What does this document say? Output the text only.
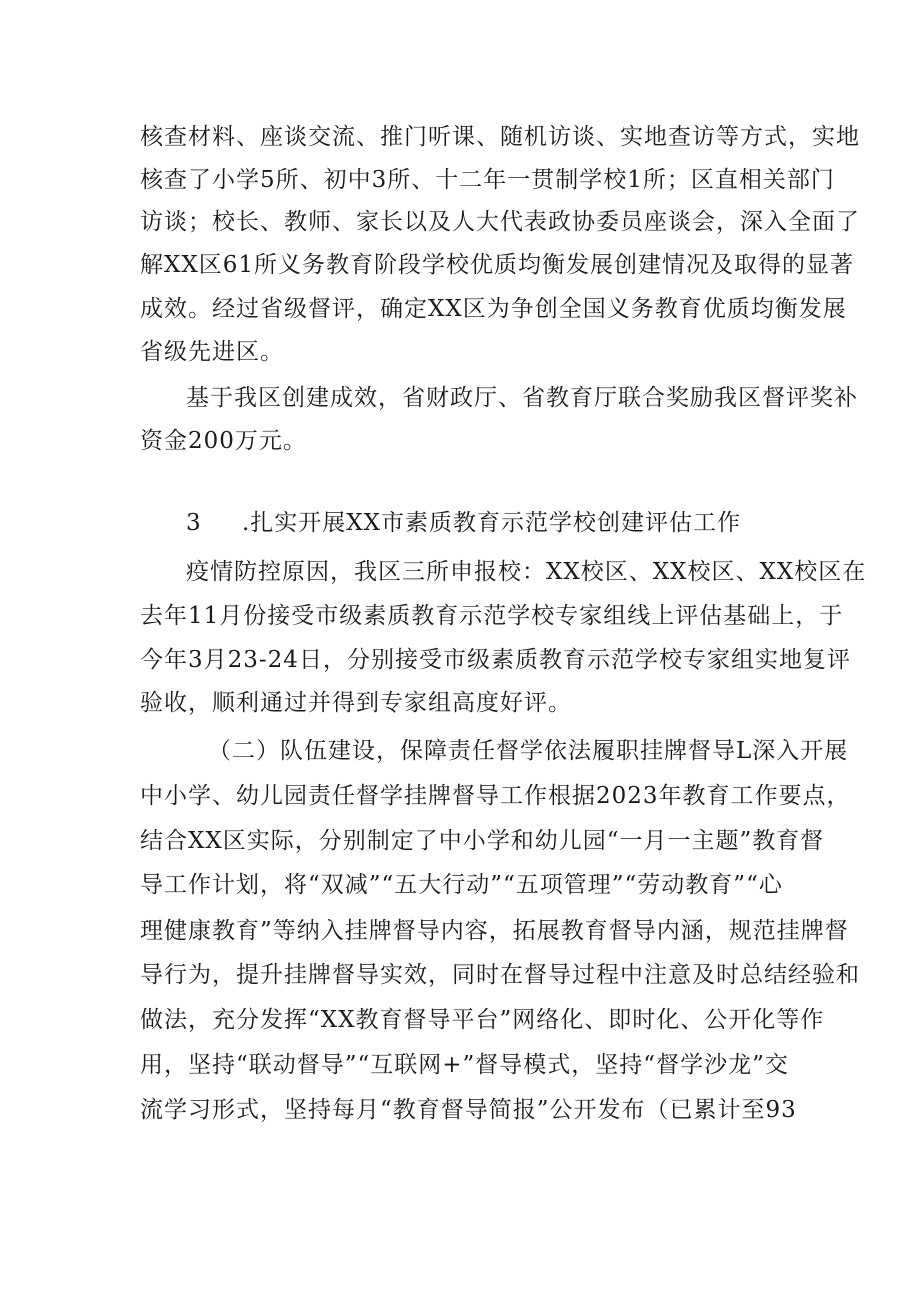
核查材料、座谈交流、推门听课、随机访谈、实地查访等方式，实地
核查了小学5所、初中3所、十二年一贯制学校1所；区直相关部门
访谈；校长、教师、家长以及人大代表政协委员座谈会，深入全面了
解XX区61所义务教育阶段学校优质均衡发展创建情况及取得的显著
成效。经过省级督评，确定XX区为争创全国义务教育优质均衡发展
省级先进区。
基于我区创建成效，省财政厅、省教育厅联合奖励我区督评奖补
资金200万元。
3 .扎实开展XX市素质教育示范学校创建评估工作
疫情防控原因，我区三所申报校：XX校区、XX校区、XX校区在
去年11月份接受市级素质教育示范学校专家组线上评估基础上，于
今年3月23-24日，分别接受市级素质教育示范学校专家组实地复评
验收，顺利通过并得到专家组高度好评。
（二）队伍建设，保障责任督学依法履职挂牌督导L深入开展
中小学、幼儿园责任督学挂牌督导工作根据2023年教育工作要点，
结合XX区实际，分别制定了中小学和幼儿园“一月一主题”教育督
导工作计划，将“双减”“五大行动”“五项管理”“劳动教育”“心
理健康教育”等纳入挂牌督导内容，拓展教育督导内涵，规范挂牌督
导行为，提升挂牌督导实效，同时在督导过程中注意及时总结经验和
做法，充分发挥“XX教育督导平台”网络化、即时化、公开化等作
用，坚持“联动督导”“互联网+”督导模式，坚持“督学沙龙”交
流学习形式，坚持每月“教育督导简报”公开发布（已累计至93
